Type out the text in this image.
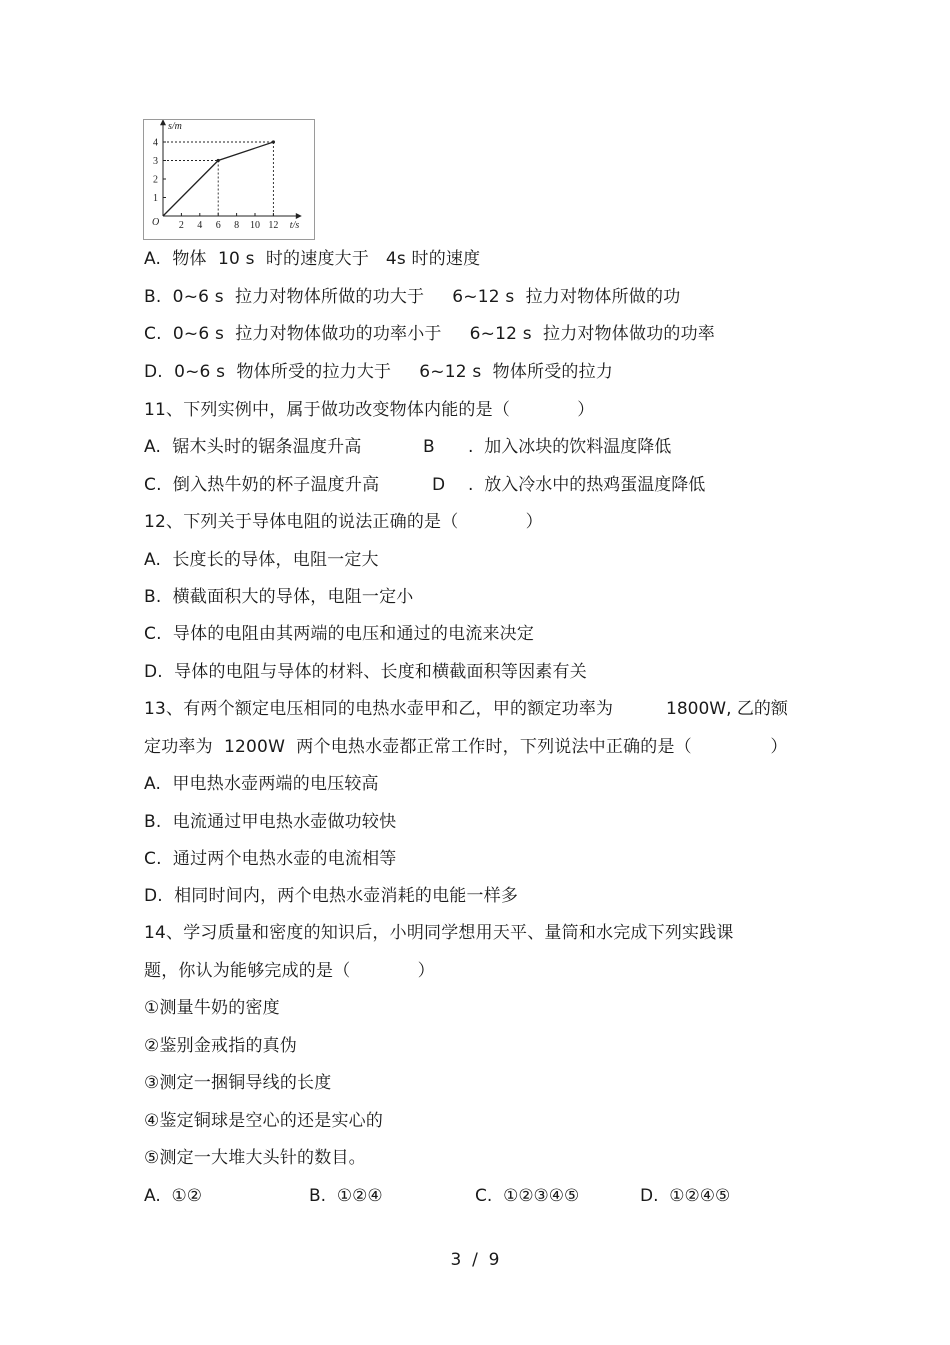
2 4 6 8 10 12
1
2
3
4
s/m
t/s
O
A.  物体  10 s  时的速度大于   4s 时的速度
B.  0~6 s  拉力对物体所做的功大于     6~12 s  拉力对物体所做的功
C.  0~6 s  拉力对物体做功的功率小于     6~12 s  拉力对物体做功的功率
D.  0~6 s  物体所受的拉力大于     6~12 s  物体所受的拉力
11、下列实例中，属于做功改变物体内能的是（            ）
A.  锯木头时的锯条温度升高	B .  加入冰块的饮料温度降低
C.  倒入热牛奶的杯子温度升高	D .  放入冷水中的热鸡蛋温度降低
12、下列关于导体电阻的说法正确的是（            ）
A.  长度长的导体，电阻一定大
B.  横截面积大的导体，电阻一定小
C.  导体的电阻由其两端的电压和通过的电流来决定
D.  导体的电阻与导体的材料、长度和横截面积等因素有关
13、有两个额定电压相同的电热水壶甲和乙，甲的额定功率为	1800W, 乙的额
定功率为  1200W  两个电热水壶都正常工作时，下列说法中正确的是（              ）
A.  甲电热水壶两端的电压较高
B.  电流通过甲电热水壶做功较快
C.  通过两个电热水壶的电流相等
D.  相同时间内，两个电热水壶消耗的电能一样多
14、学习质量和密度的知识后，小明同学想用天平、量筒和水完成下列实践课
题，你认为能够完成的是（            ）
①测量牛奶的密度
②鉴别金戒指的真伪
③测定一捆铜导线的长度
④鉴定铜球是空心的还是实心的
⑤测定一大堆大头针的数目。
A.  ①②	B.  ①②④	C.  ①②③④⑤	D.  ①②④⑤
3  /  9
